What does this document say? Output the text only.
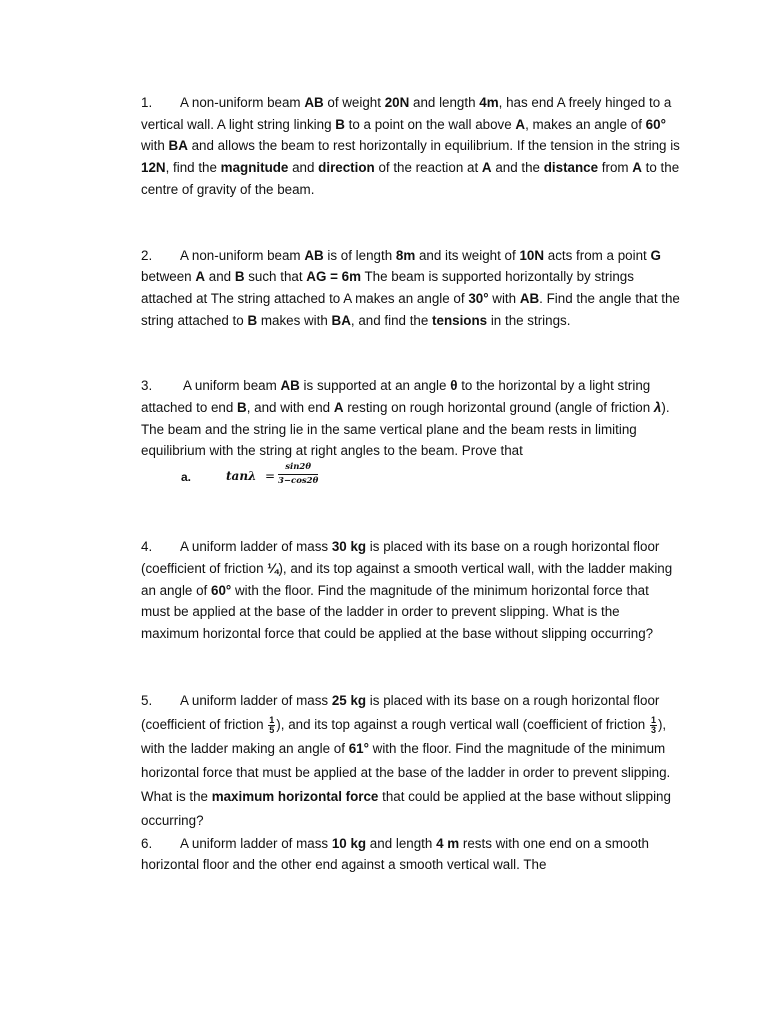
1. A non-uniform beam AB of weight 20N and length 4m, has end A freely hinged to a vertical wall. A light string linking B to a point on the wall above A, makes an angle of 60° with BA and allows the beam to rest horizontally in equilibrium. If the tension in the string is 12N, find the magnitude and direction of the reaction at A and the distance from A to the centre of gravity of the beam.

2. A non-uniform beam AB is of length 8m and its weight of 10N acts from a point G between A and B such that AG = 6m The beam is supported horizontally by strings attached at The string attached to A makes an angle of 30° with AB. Find the angle that the string attached to B makes with BA, and find the tensions in the strings.

3. A uniform beam AB is supported at an angle θ to the horizontal by a light string attached to end B, and with end A resting on rough horizontal ground (angle of friction λ). The beam and the string lie in the same vertical plane and the beam rests in limiting equilibrium with the string at right angles to the beam. Prove that

a.	$\tan\lambda = \frac{\sin 2\theta}{3-\cos 2\theta}$

4. A uniform ladder of mass 30 kg is placed with its base on a rough horizontal floor (coefficient of friction ¼), and its top against a smooth vertical wall, with the ladder making an angle of 60° with the floor. Find the magnitude of the minimum horizontal force that must be applied at the base of the ladder in order to prevent slipping. What is the maximum horizontal force that could be applied at the base without slipping occurring?

5. A uniform ladder of mass 25 kg is placed with its base on a rough horizontal floor (coefficient of friction $\frac{1}{5}$ ), and its top against a rough vertical wall (coefficient of friction $\frac{1}{3}$ ), with the ladder making an angle of 61° with the floor. Find the magnitude of the minimum horizontal force that must be applied at the base of the ladder in order to prevent slipping. What is the maximum horizontal force that could be applied at the base without slipping occurring?

6. A uniform ladder of mass 10 kg and length 4 m rests with one end on a smooth horizontal floor and the other end against a smooth vertical wall. The
